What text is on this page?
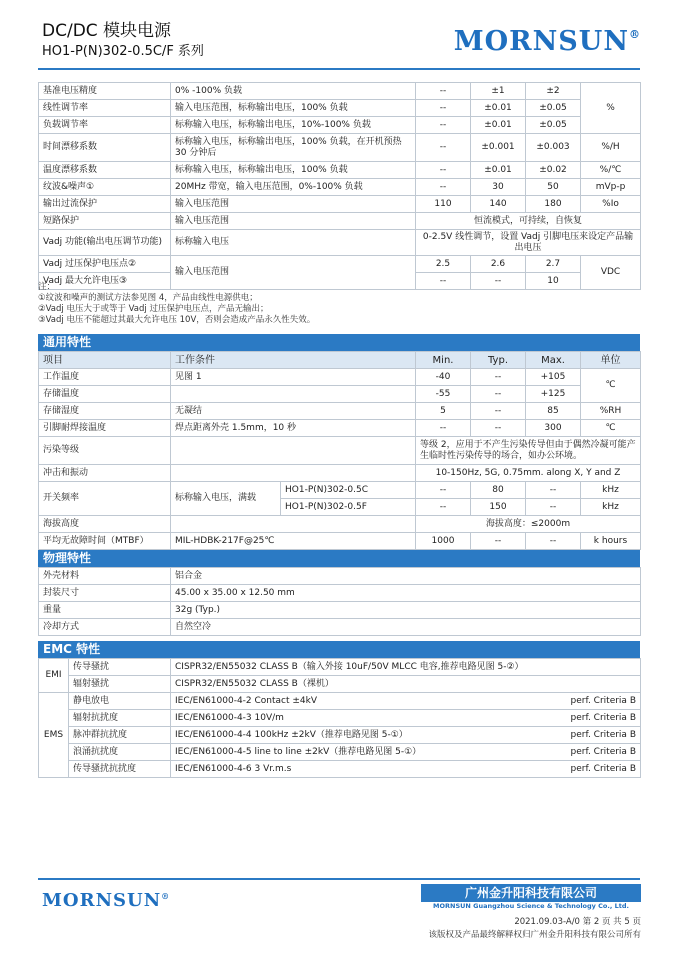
DC/DC 模块电源
HO1-P(N)302-0.5C/F 系列	MORNSUN®
基准电压精度	0% -100% 负载	--	±1	±2	%
线性调节率	输入电压范围，标称输出电压，100% 负载	--	±0.01	±0.05	
负载调节率	标称输入电压，标称输出电压，10%-100% 负载	--	±0.01	±0.05	
时间漂移系数	标称输入电压，标称输出电压，100% 负载，在开机预热 30 分钟后	--	±0.001	±0.003	%/H
温度漂移系数	标称输入电压，标称输出电压，100% 负载	--	±0.01	±0.02	%/℃
纹波&噪声①	20MHz 带宽，输入电压范围，0%-100% 负载	--	30	50	mVp-p
输出过流保护	输入电压范围	110	140	180	%Io
短路保护	输入电压范围	恒流模式，可持续，自恢复			
Vadj 功能(输出电压调节功能)	标称输入电压	0-2.5V 线性调节，设置 Vadj 引脚电压来设定产品输出电压			
Vadj 过压保护电压点②	输入电压范围	2.5	2.6	2.7	VDC
Vadj 最大允许电压③		--	--	10	
注：
①纹波和噪声的测试方法参见图 4，产品由线性电源供电；
②Vadj 电压大于或等于 Vadj 过压保护电压点，产品无输出；
③Vadj 电压不能超过其最大允许电压 10V，否则会造成产品永久性失效。
通用特性
项目	工作条件		Min.	Typ.	Max.	单位
工作温度	见图 1		-40	--	+105	℃
存储温度			-55	--	+125	
存储湿度	无凝结		5	--	85	%RH
引脚耐焊接温度	焊点距离外壳 1.5mm，10 秒		--	--	300	℃
污染等级			等级 2，应用于不产生污染传导但由于偶然冷凝可能产生临时性污染传导的场合，如办公环境。			
冲击和振动			10-150Hz, 5G, 0.75mm. along X, Y and Z			
开关频率	标称输入电压，满载	HO1-P(N)302-0.5C	--	80	--	kHz
		HO1-P(N)302-0.5F	--	150	--	kHz
海拔高度			海拔高度：≤2000m			
平均无故障时间（MTBF）	MIL-HDBK-217F@25℃		1000	--	--	k hours
物理特性
外壳材料	铝合金
封装尺寸	45.00 x 35.00 x 12.50 mm
重量	32g (Typ.)
冷却方式	自然空冷
EMC 特性
EMI	传导骚扰	CISPR32/EN55032 CLASS B（输入外接 10uF/50V MLCC 电容,推荐电路见图 5-②）	
	辐射骚扰	CISPR32/EN55032 CLASS B（裸机）	
EMS	静电放电	IEC/EN61000-4-2 Contact ±4kV	perf. Criteria B
	辐射抗扰度	IEC/EN61000-4-3 10V/m	perf. Criteria B
	脉冲群抗扰度	IEC/EN61000-4-4 100kHz ±2kV（推荐电路见图 5-①）	perf. Criteria B
	浪涌抗扰度	IEC/EN61000-4-5 line to line ±2kV（推荐电路见图 5-①）	perf. Criteria B
	传导骚扰抗扰度	IEC/EN61000-4-6 3 Vr.m.s	perf. Criteria B
MORNSUN®	广州金升阳科技有限公司
MORNSUN Guangzhou Science & Technology Co., Ltd.
2021.09.03-A/0 第 2 页 共 5 页
该版权及产品最终解释权归广州金升阳科技有限公司所有
